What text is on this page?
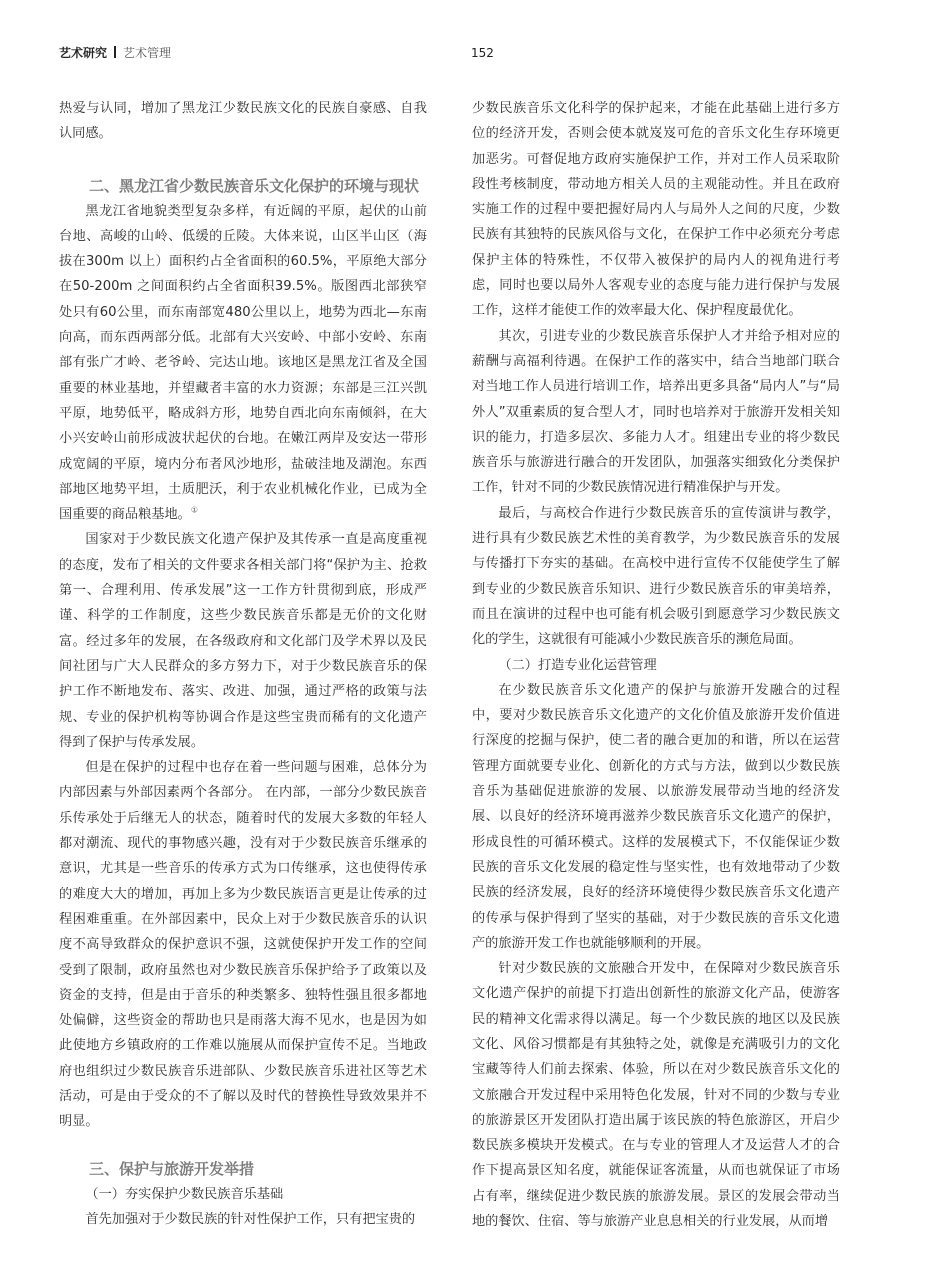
艺术研究 艺术管理	152

热爱与认同，增加了黑龙江少数民族文化的民族自豪感、自我认同感。

二、黑龙江省少数民族音乐文化保护的环境与现状

黑龙江省地貌类型复杂多样，有近阔的平原，起伏的山前台地、高峻的山岭、低缓的丘陵。大体来说，山区半山区（海拔在300m 以上）面积约占全省面积的60.5%，平原绝大部分在50-200m 之间面积约占全省面积39.5%。版图西北部狭窄处只有60公里，而东南部宽480公里以上，地势为西北—东南向高，而东西两部分低。北部有大兴安岭、中部小安岭、东南部有张广才岭、老爷岭、完达山地。该地区是黑龙江省及全国重要的林业基地，并望藏者丰富的水力资源；东部是三江兴凯平原，地势低平，略成斜方形，地势自西北向东南倾斜，在大小兴安岭山前形成波状起伏的台地。在嫩江两岸及安达一带形成宽阔的平原，境内分布者风沙地形，盐破洼地及湖泡。东西部地区地势平坦，土质肥沃，利于农业机械化作业，已成为全国重要的商品粮基地。①

国家对于少数民族文化遗产保护及其传承一直是高度重视的态度，发布了相关的文件要求各相关部门将“保护为主、抢救第一、合理利用、传承发展”这一工作方针贯彻到底，形成严谨、科学的工作制度，这些少数民族音乐都是无价的文化财富。经过多年的发展，在各级政府和文化部门及学术界以及民间社团与广大人民群众的多方努力下，对于少数民族音乐的保护工作不断地发布、落实、改进、加强，通过严格的政策与法规、专业的保护机构等协调合作是这些宝贵而稀有的文化遗产得到了保护与传承发展。

但是在保护的过程中也存在着一些问题与困难，总体分为内部因素与外部因素两个各部分。 在内部，一部分少数民族音乐传承处于后继无人的状态，随着时代的发展大多数的年轻人都对潮流、现代的事物感兴趣，没有对于少数民族音乐继承的意识，尤其是一些音乐的传承方式为口传继承，这也使得传承的难度大大的增加，再加上多为少数民族语言更是让传承的过程困难重重。在外部因素中，民众上对于少数民族音乐的认识度不高导致群众的保护意识不强，这就使保护开发工作的空间受到了限制，政府虽然也对少数民族音乐保护给予了政策以及资金的支持，但是由于音乐的种类繁多、独特性强且很多都地处偏僻，这些资金的帮助也只是雨落大海不见水，也是因为如此使地方乡镇政府的工作难以施展从而保护宣传不足。当地政府也组织过少数民族音乐进部队、少数民族音乐进社区等艺术活动，可是由于受众的不了解以及时代的替换性导致效果并不明显。

三、保护与旅游开发举措
（一）夯实保护少数民族音乐基础

首先加强对于少数民族的针对性保护工作，只有把宝贵的

少数民族音乐文化科学的保护起来，才能在此基础上进行多方位的经济开发，否则会使本就岌岌可危的音乐文化生存环境更加恶劣。可督促地方政府实施保护工作，并对工作人员采取阶段性考核制度，带动地方相关人员的主观能动性。并且在政府实施工作的过程中要把握好局内人与局外人之间的尺度，少数民族有其独特的民族风俗与文化，在保护工作中必须充分考虑保护主体的特殊性，不仅带入被保护的局内人的视角进行考虑，同时也要以局外人客观专业的态度与能力进行保护与发展工作，这样才能使工作的效率最大化、保护程度最优化。

其次，引进专业的少数民族音乐保护人才并给予相对应的薪酬与高福利待遇。在保护工作的落实中，结合当地部门联合对当地工作人员进行培训工作，培养出更多具备“局内人”与“局外人”双重素质的复合型人才，同时也培养对于旅游开发相关知识的能力，打造多层次、多能力人才。组建出专业的将少数民族音乐与旅游进行融合的开发团队，加强落实细致化分类保护工作，针对不同的少数民族情况进行精准保护与开发。

最后，与高校合作进行少数民族音乐的宣传演讲与教学，进行具有少数民族艺术性的美育教学，为少数民族音乐的发展与传播打下夯实的基础。在高校中进行宣传不仅能使学生了解到专业的少数民族音乐知识、进行少数民族音乐的审美培养，而且在演讲的过程中也可能有机会吸引到愿意学习少数民族文化的学生，这就很有可能减小少数民族音乐的濒危局面。

（二）打造专业化运营管理

在少数民族音乐文化遗产的保护与旅游开发融合的过程中，要对少数民族音乐文化遗产的文化价值及旅游开发价值进行深度的挖掘与保护，使二者的融合更加的和谐，所以在运营管理方面就要专业化、创新化的方式与方法，做到以少数民族音乐为基础促进旅游的发展、以旅游发展带动当地的经济发展、以良好的经济环境再滋养少数民族音乐文化遗产的保护，形成良性的可循环模式。这样的发展模式下，不仅能保证少数民族的音乐文化发展的稳定性与坚实性，也有效地带动了少数民族的经济发展，良好的经济环境使得少数民族音乐文化遗产的传承与保护得到了坚实的基础，对于少数民族的音乐文化遗产的旅游开发工作也就能够顺利的开展。

针对少数民族的文旅融合开发中，在保障对少数民族音乐文化遗产保护的前提下打造出创新性的旅游文化产品，使游客民的精神文化需求得以满足。每一个少数民族的地区以及民族文化、风俗习惯都是有其独特之处，就像是充满吸引力的文化宝藏等待人们前去探索、体验，所以在对少数民族音乐文化的文旅融合开发过程中采用特色化发展，针对不同的少数与专业的旅游景区开发团队打造出属于该民族的特色旅游区，开启少数民族多模块开发模式。在与专业的管理人才及运营人才的合作下提高景区知名度，就能保证客流量，从而也就保证了市场占有率，继续促进少数民族的旅游发展。景区的发展会带动当地的餐饮、住宿、等与旅游产业息息相关的行业发展，从而增
